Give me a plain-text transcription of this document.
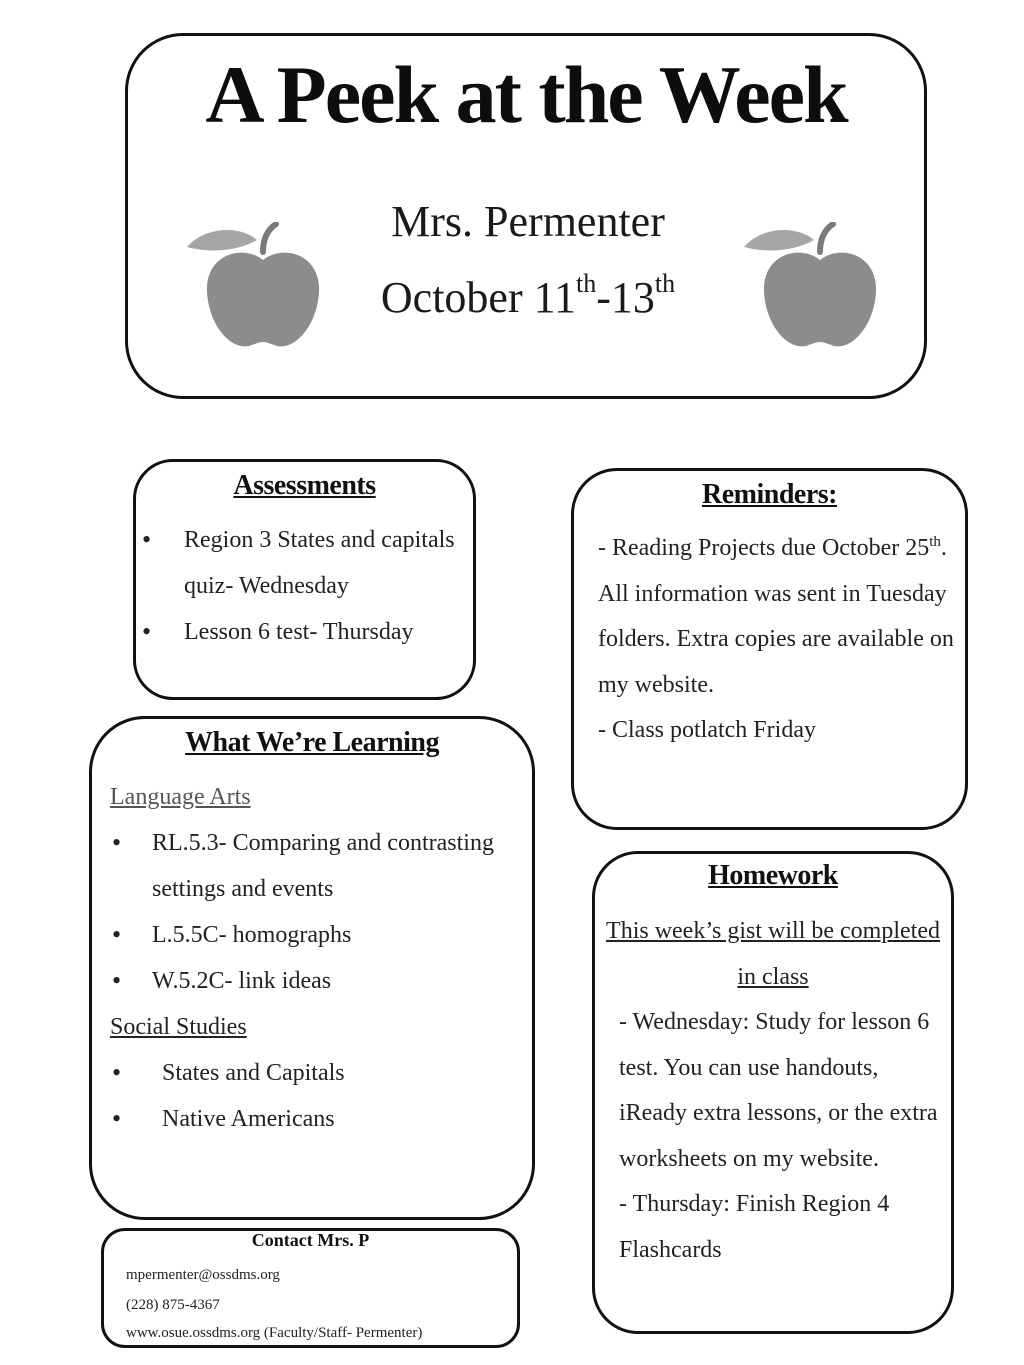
A Peek at the Week
Mrs. Permenter
October 11th-13th
Assessments
• Region 3 States and capitals quiz- Wednesday
• Lesson 6 test- Thursday
Reminders:
- Reading Projects due October 25th. All information was sent in Tuesday folders. Extra copies are available on my website.
- Class potlatch Friday
What We’re Learning
Language Arts
• RL.5.3- Comparing and contrasting settings and events
• L.5.5C- homographs
• W.5.2C- link ideas
Social Studies
• States and Capitals
• Native Americans
Homework
This week’s gist will be completed in class
- Wednesday: Study for lesson 6 test. You can use handouts, iReady extra lessons, or the extra worksheets on my website.
- Thursday: Finish Region 4 Flashcards
Contact Mrs. P
mpermenter@ossdms.org
(228) 875-4367
www.osue.ossdms.org (Faculty/Staff- Permenter)
